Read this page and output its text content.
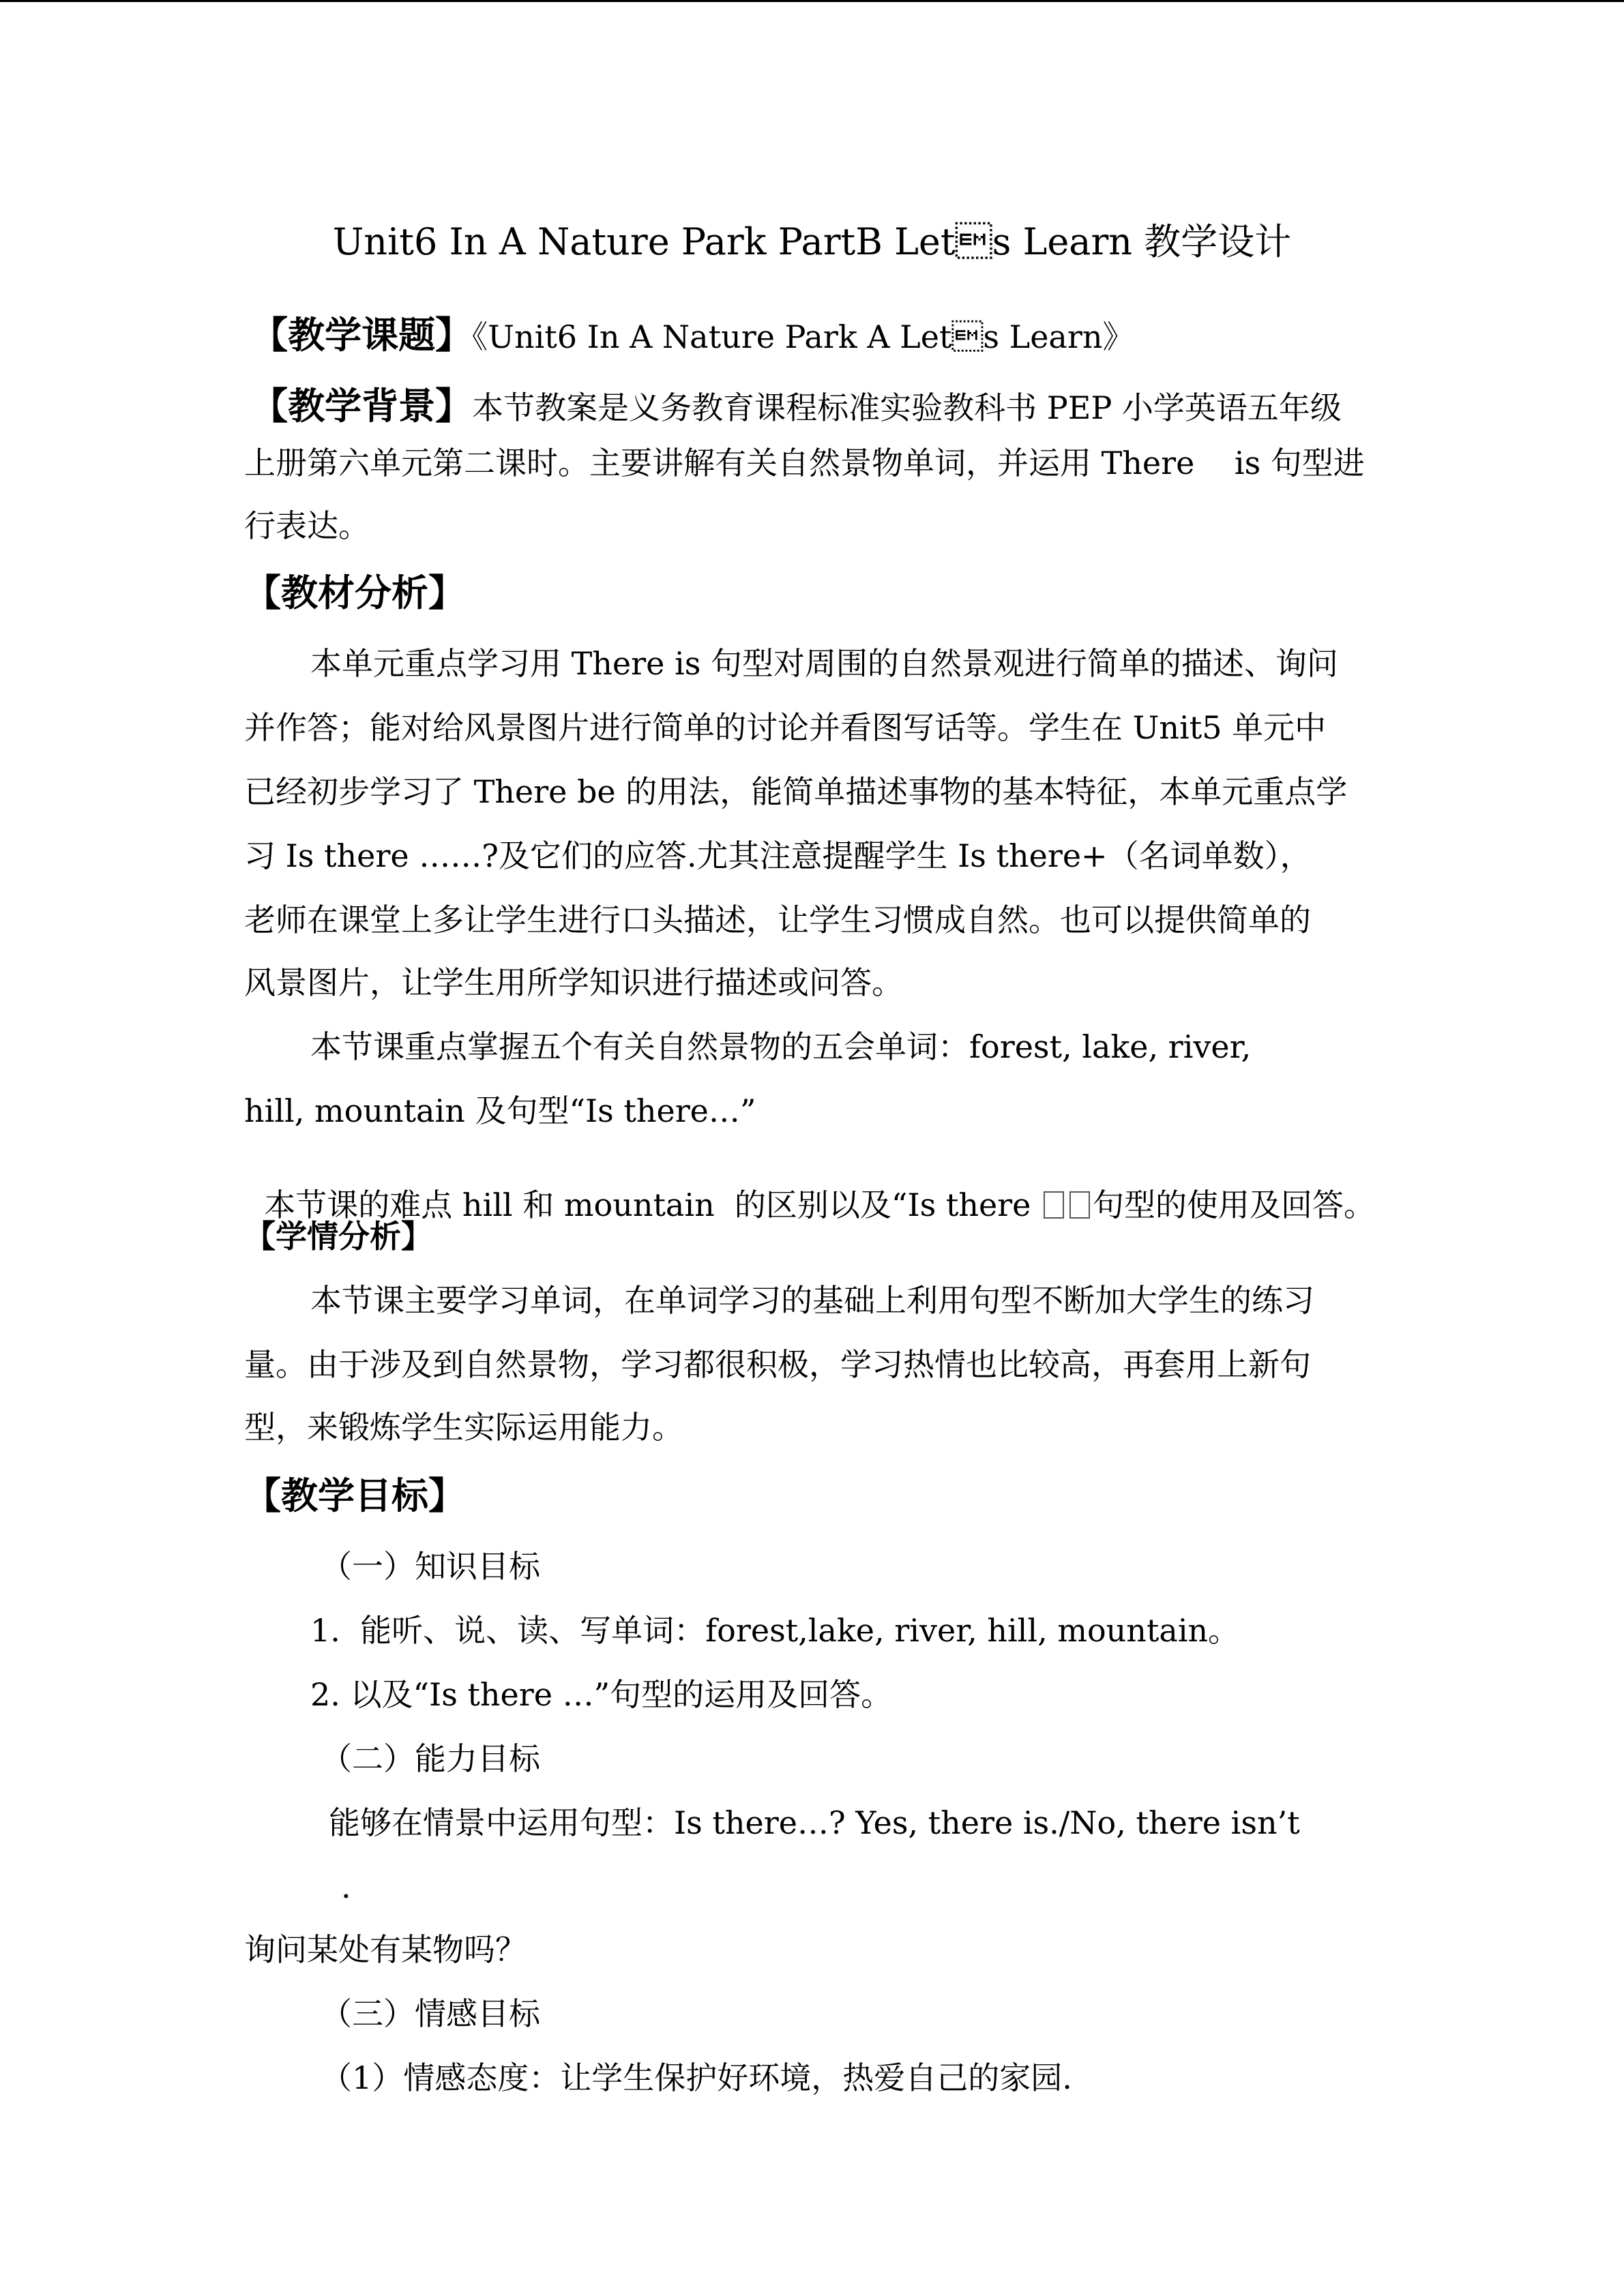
Unit6 In A Nature Park PartB Lets Learn 教学设计

【教学课题】《Unit6 In A Nature Park A Lets Learn》

【教学背景】本节教案是义务教育课程标准实验教科书 PEP 小学英语五年级

上册第六单元第二课时。主要讲解有关自然景物单词，并运用 There    is 句型进
行表达。
【教材分析】
本单元重点学习用 There is 句型对周围的自然景观进行简单的描述、询问
并作答；能对给风景图片进行简单的讨论并看图写话等。学生在 Unit5 单元中
已经初步学习了 There be 的用法，能简单描述事物的基本特征，本单元重点学
习 Is there ……?及它们的应答.尤其注意提醒学生 Is there+（名词单数），
老师在课堂上多让学生进行口头描述，让学生习惯成自然。也可以提供简单的
风景图片，让学生用所学知识进行描述或问答。
本节课重点掌握五个有关自然景物的五会单词：forest, lake, river,
hill, mountain 及句型“Is there…”

本节课的难点 hill 和 mountain  的区别以及“Is there 句型的使用及回答。

【学情分析】
本节课主要学习单词，在单词学习的基础上利用句型不断加大学生的练习
量。由于涉及到自然景物，学习都很积极，学习热情也比较高，再套用上新句
型，来锻炼学生实际运用能力。
【教学目标】
（一）知识目标
1.  能听、说、读、写单词：forest,lake, river, hill, mountain。
2. 以及“Is there …”句型的运用及回答。
（二）能力目标
能够在情景中运用句型：Is there…? Yes, there is./No, there isn’t
.
询问某处有某物吗？
（三）情感目标
（1）情感态度：让学生保护好环境，热爱自己的家园.
